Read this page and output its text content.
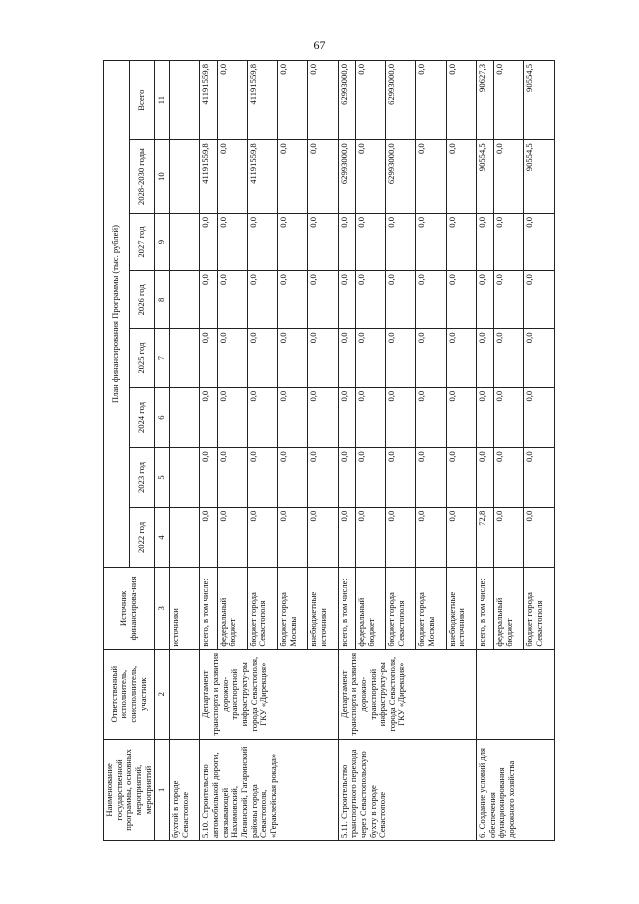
67
Наименование государственной программы, основных мероприятий, мероприятий	Ответственный исполнитель, соисполнитель, участник	Источник финансирова-ния	План финансирования Программы (тыс. рублей)							
			2022 год	2023 год	2024 год	2025 год	2026 год	2027 год	2028-2030 годы	Всего
1	2	3	4	5	6	7	8	9	10	11
бухтой в городе Севастополе		источники								
5.10. Строительство автомобильной дороги, связывающей Нахимовский, Ленинский, Гагаринский районы города Севастополя, «Гераклейская рокада»	Департамент транспорта и развития дорожно-транспортной инфраструкту-ры города Севастополя, ГКУ «Дирекция»	всего, в том числе:	0,0	0,0	0,0	0,0	0,0	0,0	41191559,8	41191559,8
		федеральный бюджет	0,0	0,0	0,0	0,0	0,0	0,0	0,0	0,0
		бюджет города Севастополя	0,0	0,0	0,0	0,0	0,0	0,0	41191559,8	41191559,8
		бюджет города Москвы	0,0	0,0	0,0	0,0	0,0	0,0	0,0	0,0
		внебюджетные источники	0,0	0,0	0,0	0,0	0,0	0,0	0,0	0,0
5.11. Строительство транспортного перехода через Севастопольскую бухту в городе Севастополе	Департамент транспорта и развития дорожно-транспортной инфраструкту-ры города Севастополя, ГКУ «Дирекция»	всего, в том числе:	0,0	0,0	0,0	0,0	0,0	0,0	62993000,0	62993000,0
		федеральный бюджет	0,0	0,0	0,0	0,0	0,0	0,0	0,0	0,0
		бюджет города Севастополя	0,0	0,0	0,0	0,0	0,0	0,0	62993000,0	62993000,0
		бюджет города Москвы	0,0	0,0	0,0	0,0	0,0	0,0	0,0	0,0
		внебюджетные источники	0,0	0,0	0,0	0,0	0,0	0,0	0,0	0,0
6. Создание условий для обеспечения функционирования дорожного хозяйства		всего, в том числе:	72,8	0,0	0,0	0,0	0,0	0,0	90554,5	90627,3
		федеральный бюджет	0,0	0,0	0,0	0,0	0,0	0,0	0,0	0,0
		бюджет города Севастополя	0,0	0,0	0,0	0,0	0,0	0,0	90554,5	90554,5
